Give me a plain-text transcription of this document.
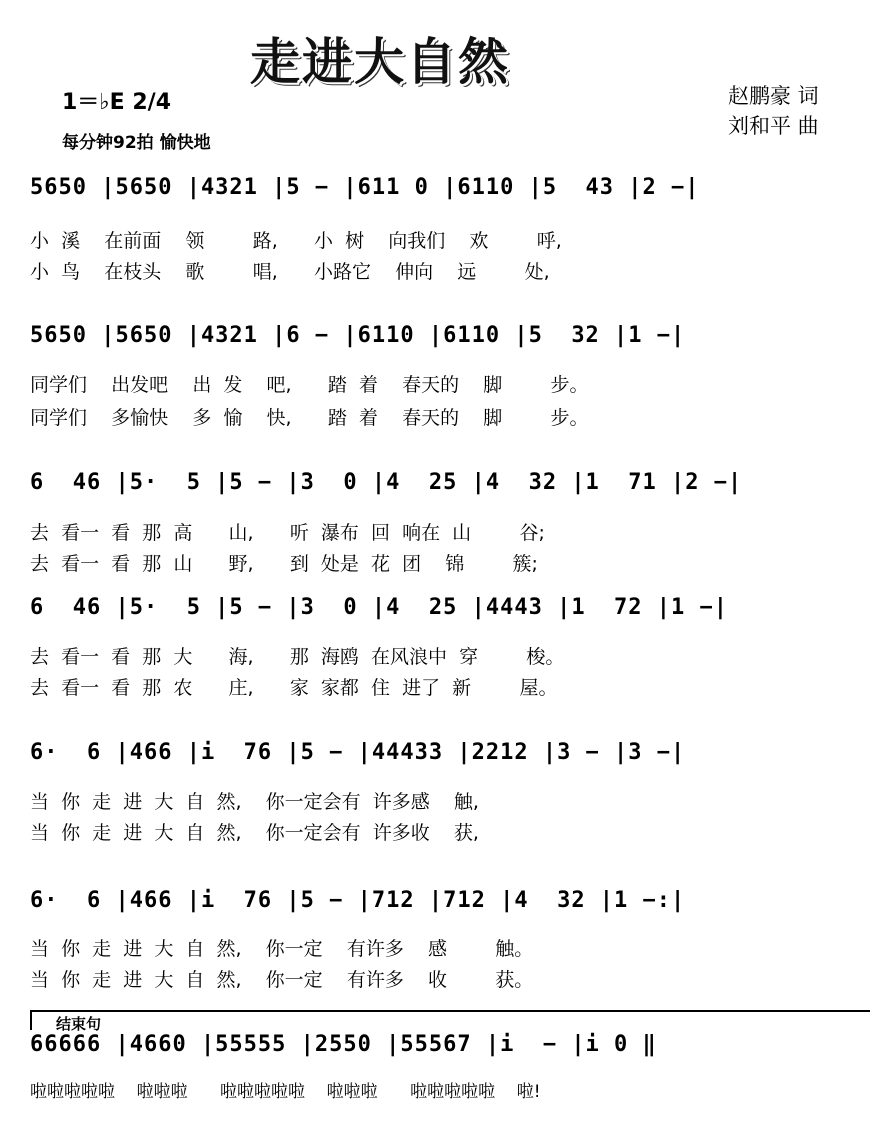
走进大自然
1＝♭E 2/4
每分钟92拍 愉快地
赵鹏豪 词
刘和平 曲
5650 |5650 |4321 |5 − |611 0 |6110 |5  43 |2 −|
小  溪    在前面    领        路,      小  树    向我们    欢        呼,
小  鸟    在枝头    歌        唱,      小路它    伸向    远        处,
5650 |5650 |4321 |6 − |6110 |6110 |5  32 |1 −|
同学们    出发吧    出  发    吧,      踏  着    春天的    脚        步。
同学们    多愉快    多  愉    快,      踏  着    春天的    脚        步。
6  46 |5·  5 |5 − |3  0 |4  25 |4  32 |1  71 |2 −|
去  看一  看  那  高      山,      听  瀑布  回  响在  山        谷;
去  看一  看  那  山      野,      到  处是  花  团    锦        簇;
6  46 |5·  5 |5 − |3  0 |4  25 |4443 |1  72 |1 −|
去  看一  看  那  大      海,      那  海鸥  在风浪中  穿        梭。
去  看一  看  那  农      庄,      家  家都  住  进了  新        屋。
6·  6 |466 |i  76 |5 − |44433 |2212 |3 − |3 −|
当  你  走  进  大  自  然,    你一定会有  许多感    触,
当  你  走  进  大  自  然,    你一定会有  许多收    获,
6·  6 |466 |i  76 |5 − |712 |712 |4  32 |1 −:|
当  你  走  进  大  自  然,    你一定    有许多    感        触。
当  你  走  进  大  自  然,    你一定    有许多    收        获。
结束句
66666 |4660 |55555 |2550 |55567 |i  − |i 0 ‖
啦啦啦啦啦    啦啦啦      啦啦啦啦啦    啦啦啦      啦啦啦啦啦    啦!
